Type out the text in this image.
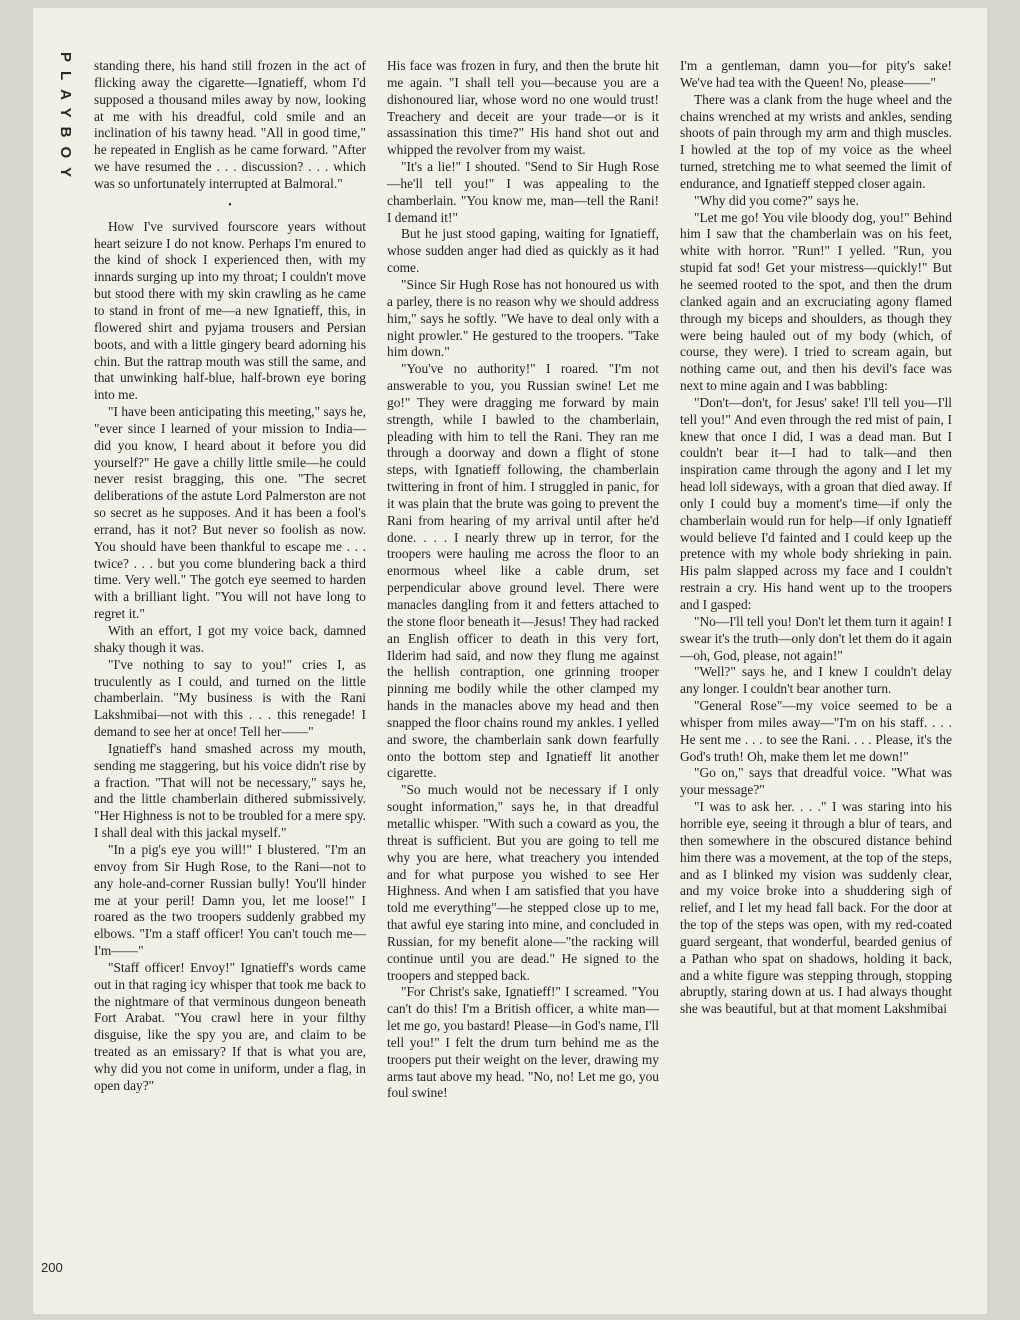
PLAYBOY
200

standing there, his hand still frozen in the act of flicking away the cigarette—Ignatieff, whom I'd supposed a thousand miles away by now, looking at me with his dreadful, cold smile and an inclination of his tawny head. "All in good time," he repeated in English as he came forward. "After we have resumed the . . . discussion? . . . which was so unfortunately interrupted at Balmoral."

•

How I've survived fourscore years without heart seizure I do not know. Perhaps I'm enured to the kind of shock I experienced then, with my innards surging up into my throat; I couldn't move but stood there with my skin crawling as he came to stand in front of me—a new Ignatieff, this, in flowered shirt and pyjama trousers and Persian boots, and with a little gingery beard adorning his chin. But the rattrap mouth was still the same, and that unwinking half-blue, half-brown eye boring into me.

"I have been anticipating this meeting," says he, "ever since I learned of your mission to India—did you know, I heard about it before you did yourself?" He gave a chilly little smile—he could never resist bragging, this one. "The secret deliberations of the astute Lord Palmerston are not so secret as he supposes. And it has been a fool's errand, has it not? But never so foolish as now. You should have been thankful to escape me . . . twice? . . . but you come blundering back a third time. Very well." The gotch eye seemed to harden with a brilliant light. "You will not have long to regret it."

With an effort, I got my voice back, damned shaky though it was.

"I've nothing to say to you!" cries I, as truculently as I could, and turned on the little chamberlain. "My business is with the Rani Lakshmibai—not with this . . . this renegade! I demand to see her at once! Tell her——"

Ignatieff's hand smashed across my mouth, sending me staggering, but his voice didn't rise by a fraction. "That will not be necessary," says he, and the little chamberlain dithered submissively. "Her Highness is not to be troubled for a mere spy. I shall deal with this jackal myself."

"In a pig's eye you will!" I blustered. "I'm an envoy from Sir Hugh Rose, to the Rani—not to any hole-and-corner Russian bully! You'll hinder me at your peril! Damn you, let me loose!" I roared as the two troopers suddenly grabbed my elbows. "I'm a staff officer! You can't touch me—I'm——"

"Staff officer! Envoy!" Ignatieff's words came out in that raging icy whisper that took me back to the nightmare of that verminous dungeon beneath Fort Arabat. "You crawl here in your filthy disguise, like the spy you are, and claim to be treated as an emissary? If that is what you are, why did you not come in uniform, under a flag, in open day?"

His face was frozen in fury, and then the brute hit me again. "I shall tell you—because you are a dishonoured liar, whose word no one would trust! Treachery and deceit are your trade—or is it assassination this time?" His hand shot out and whipped the revolver from my waist.

"It's a lie!" I shouted. "Send to Sir Hugh Rose—he'll tell you!" I was appealing to the chamberlain. "You know me, man—tell the Rani! I demand it!"

But he just stood gaping, waiting for Ignatieff, whose sudden anger had died as quickly as it had come.

"Since Sir Hugh Rose has not honoured us with a parley, there is no reason why we should address him," says he softly. "We have to deal only with a night prowler." He gestured to the troopers. "Take him down."

"You've no authority!" I roared. "I'm not answerable to you, you Russian swine! Let me go!" They were dragging me forward by main strength, while I bawled to the chamberlain, pleading with him to tell the Rani. They ran me through a doorway and down a flight of stone steps, with Ignatieff following, the chamberlain twittering in front of him. I struggled in panic, for it was plain that the brute was going to prevent the Rani from hearing of my arrival until after he'd done. . . . I nearly threw up in terror, for the troopers were hauling me across the floor to an enormous wheel like a cable drum, set perpendicular above ground level. There were manacles dangling from it and fetters attached to the stone floor beneath it—Jesus! They had racked an English officer to death in this very fort, Ilderim had said, and now they flung me against the hellish contraption, one grinning trooper pinning me bodily while the other clamped my hands in the manacles above my head and then snapped the floor chains round my ankles. I yelled and swore, the chamberlain sank down fearfully onto the bottom step and Ignatieff lit another cigarette.

"So much would not be necessary if I only sought information," says he, in that dreadful metallic whisper. "With such a coward as you, the threat is sufficient. But you are going to tell me why you are here, what treachery you intended and for what purpose you wished to see Her Highness. And when I am satisfied that you have told me everything"—he stepped close up to me, that awful eye staring into mine, and concluded in Russian, for my benefit alone—"the racking will continue until you are dead." He signed to the troopers and stepped back.

"For Christ's sake, Ignatieff!" I screamed. "You can't do this! I'm a British officer, a white man—let me go, you bastard! Please—in God's name, I'll tell you!" I felt the drum turn behind me as the troopers put their weight on the lever, drawing my arms taut above my head. "No, no! Let me go, you foul swine!

I'm a gentleman, damn you—for pity's sake! We've had tea with the Queen! No, please——"

There was a clank from the huge wheel and the chains wrenched at my wrists and ankles, sending shoots of pain through my arm and thigh muscles. I howled at the top of my voice as the wheel turned, stretching me to what seemed the limit of endurance, and Ignatieff stepped closer again.

"Why did you come?" says he.

"Let me go! You vile bloody dog, you!" Behind him I saw that the chamberlain was on his feet, white with horror. "Run!" I yelled. "Run, you stupid fat sod! Get your mistress—quickly!" But he seemed rooted to the spot, and then the drum clanked again and an excruciating agony flamed through my biceps and shoulders, as though they were being hauled out of my body (which, of course, they were). I tried to scream again, but nothing came out, and then his devil's face was next to mine again and I was babbling:

"Don't—don't, for Jesus' sake! I'll tell you—I'll tell you!" And even through the red mist of pain, I knew that once I did, I was a dead man. But I couldn't bear it—I had to talk—and then inspiration came through the agony and I let my head loll sideways, with a groan that died away. If only I could buy a moment's time—if only the chamberlain would run for help—if only Ignatieff would believe I'd fainted and I could keep up the pretence with my whole body shrieking in pain. His palm slapped across my face and I couldn't restrain a cry. His hand went up to the troopers and I gasped:

"No—I'll tell you! Don't let them turn it again! I swear it's the truth—only don't let them do it again—oh, God, please, not again!"

"Well?" says he, and I knew I couldn't delay any longer. I couldn't bear another turn.

"General Rose"—my voice seemed to be a whisper from miles away—"I'm on his staff. . . . He sent me . . . to see the Rani. . . . Please, it's the God's truth! Oh, make them let me down!"

"Go on," says that dreadful voice. "What was your message?"

"I was to ask her. . . ." I was staring into his horrible eye, seeing it through a blur of tears, and then somewhere in the obscured distance behind him there was a movement, at the top of the steps, and as I blinked my vision was suddenly clear, and my voice broke into a shuddering sigh of relief, and I let my head fall back. For the door at the top of the steps was open, with my red-coated guard sergeant, that wonderful, bearded genius of a Pathan who spat on shadows, holding it back, and a white figure was stepping through, stopping abruptly, staring down at us. I had always thought she was beautiful, but at that moment Lakshmibai
